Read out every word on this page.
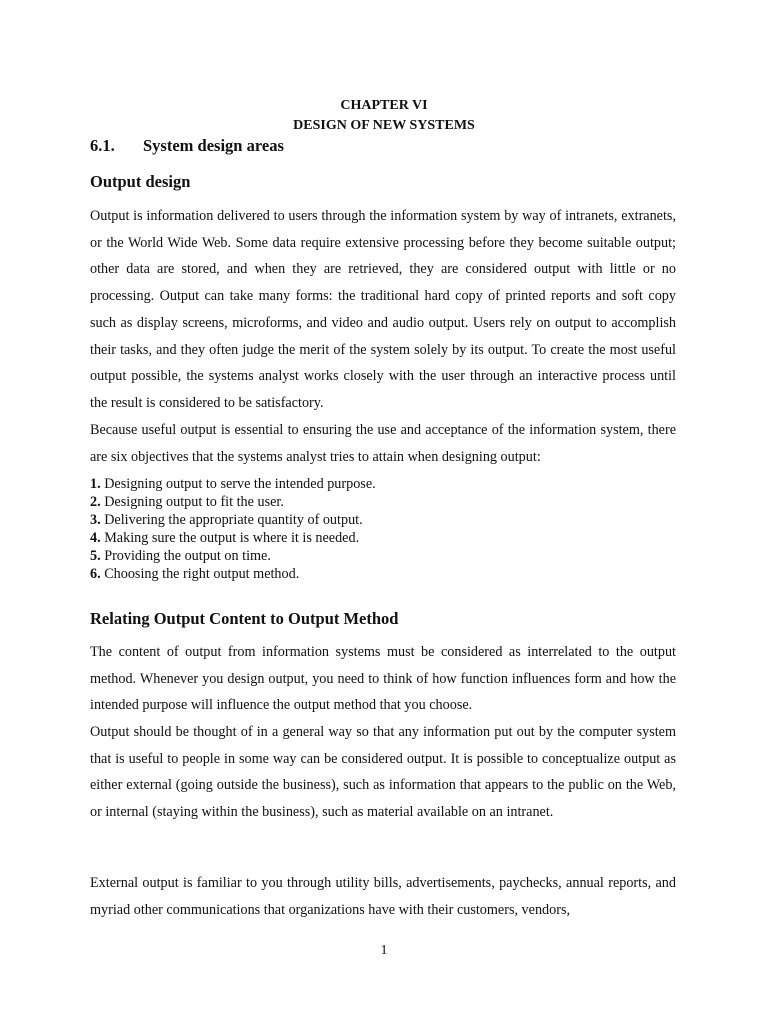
CHAPTER VI
DESIGN OF NEW SYSTEMS
6.1. System design areas
Output design

Output is information delivered to users through the information system by way of intranets, extranets, or the World Wide Web. Some data require extensive processing before they become suitable output; other data are stored, and when they are retrieved, they are considered output with little or no processing. Output can take many forms: the traditional hard copy of printed reports and soft copy such as display screens, microforms, and video and audio output. Users rely on output to accomplish their tasks, and they often judge the merit of the system solely by its output. To create the most useful output possible, the systems analyst works closely with the user through an interactive process until the result is considered to be satisfactory.

Because useful output is essential to ensuring the use and acceptance of the information system, there are six objectives that the systems analyst tries to attain when designing output:

1. Designing output to serve the intended purpose.
2. Designing output to fit the user.
3. Delivering the appropriate quantity of output.
4. Making sure the output is where it is needed.
5. Providing the output on time.
6. Choosing the right output method.
Relating Output Content to Output Method

The content of output from information systems must be considered as interrelated to the output method. Whenever you design output, you need to think of how function influences form and how the intended purpose will influence the output method that you choose.

Output should be thought of in a general way so that any information put out by the computer system that is useful to people in some way can be considered output. It is possible to conceptualize output as either external (going outside the business), such as information that appears to the public on the Web, or internal (staying within the business), such as material available on an intranet.

External output is familiar to you through utility bills, advertisements, paychecks, annual reports, and myriad other communications that organizations have with their customers, vendors,

1
